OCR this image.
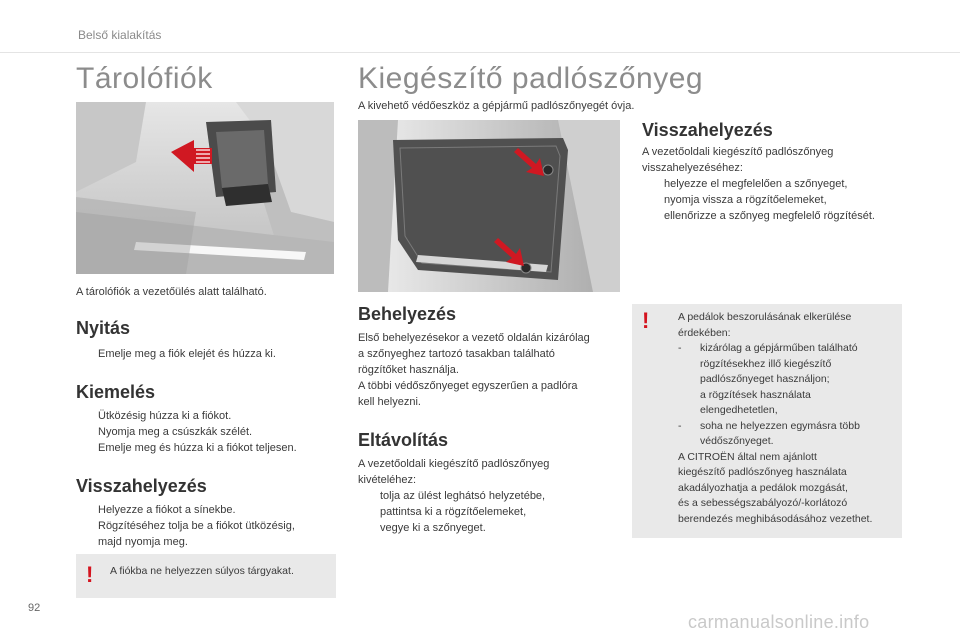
Belső kialakítás
Tárolófiók
A tárolófiók a vezetőülés alatt található.
Nyitás
Emelje meg a fiók elejét és húzza ki.
Kiemelés
Ütközésig húzza ki a fiókot.
Nyomja meg a csúszkák szélét.
Emelje meg és húzza ki a fiókot teljesen.
Visszahelyezés
Helyezze a fiókot a sínekbe.
Rögzítéséhez tolja be a fiókot ütközésig,
majd nyomja meg.
! A fiókba ne helyezzen súlyos tárgyakat.
Kiegészítő padlószőnyeg
A kivehető védőeszköz a gépjármű padlószőnyegét óvja.
Visszahelyezés
A vezetőoldali kiegészítő padlószőnyeg
visszahelyezéséhez:
helyezze el megfelelően a szőnyeget,
nyomja vissza a rögzítőelemeket,
ellenőrizze a szőnyeg megfelelő rögzítését.
Behelyezés
Első behelyezésekor a vezető oldalán kizárólag
a szőnyeghez tartozó tasakban található
rögzítőket használja.
A többi védőszőnyeget egyszerűen a padlóra
kell helyezni.
Eltávolítás
A vezetőoldali kiegészítő padlószőnyeg
kivételéhez:
tolja az ülést leghátsó helyzetébe,
pattintsa ki a rögzítőelemeket,
vegye ki a szőnyeget.
!	A pedálok beszorulásának elkerülése
érdekében:
- kizárólag a gépjárműben található
rögzítésekhez illő kiegészítő
padlószőnyeget használjon;
a rögzítések használata
elengedhetetlen,
- soha ne helyezzen egymásra több
védőszőnyeget.
A CITROËN által nem ajánlott
kiegészítő padlószőnyeg használata
akadályozhatja a pedálok mozgását,
és a sebességszabályozó/-korlátozó
berendezés meghibásodásához vezethet.
92
carmanualsonline.info
